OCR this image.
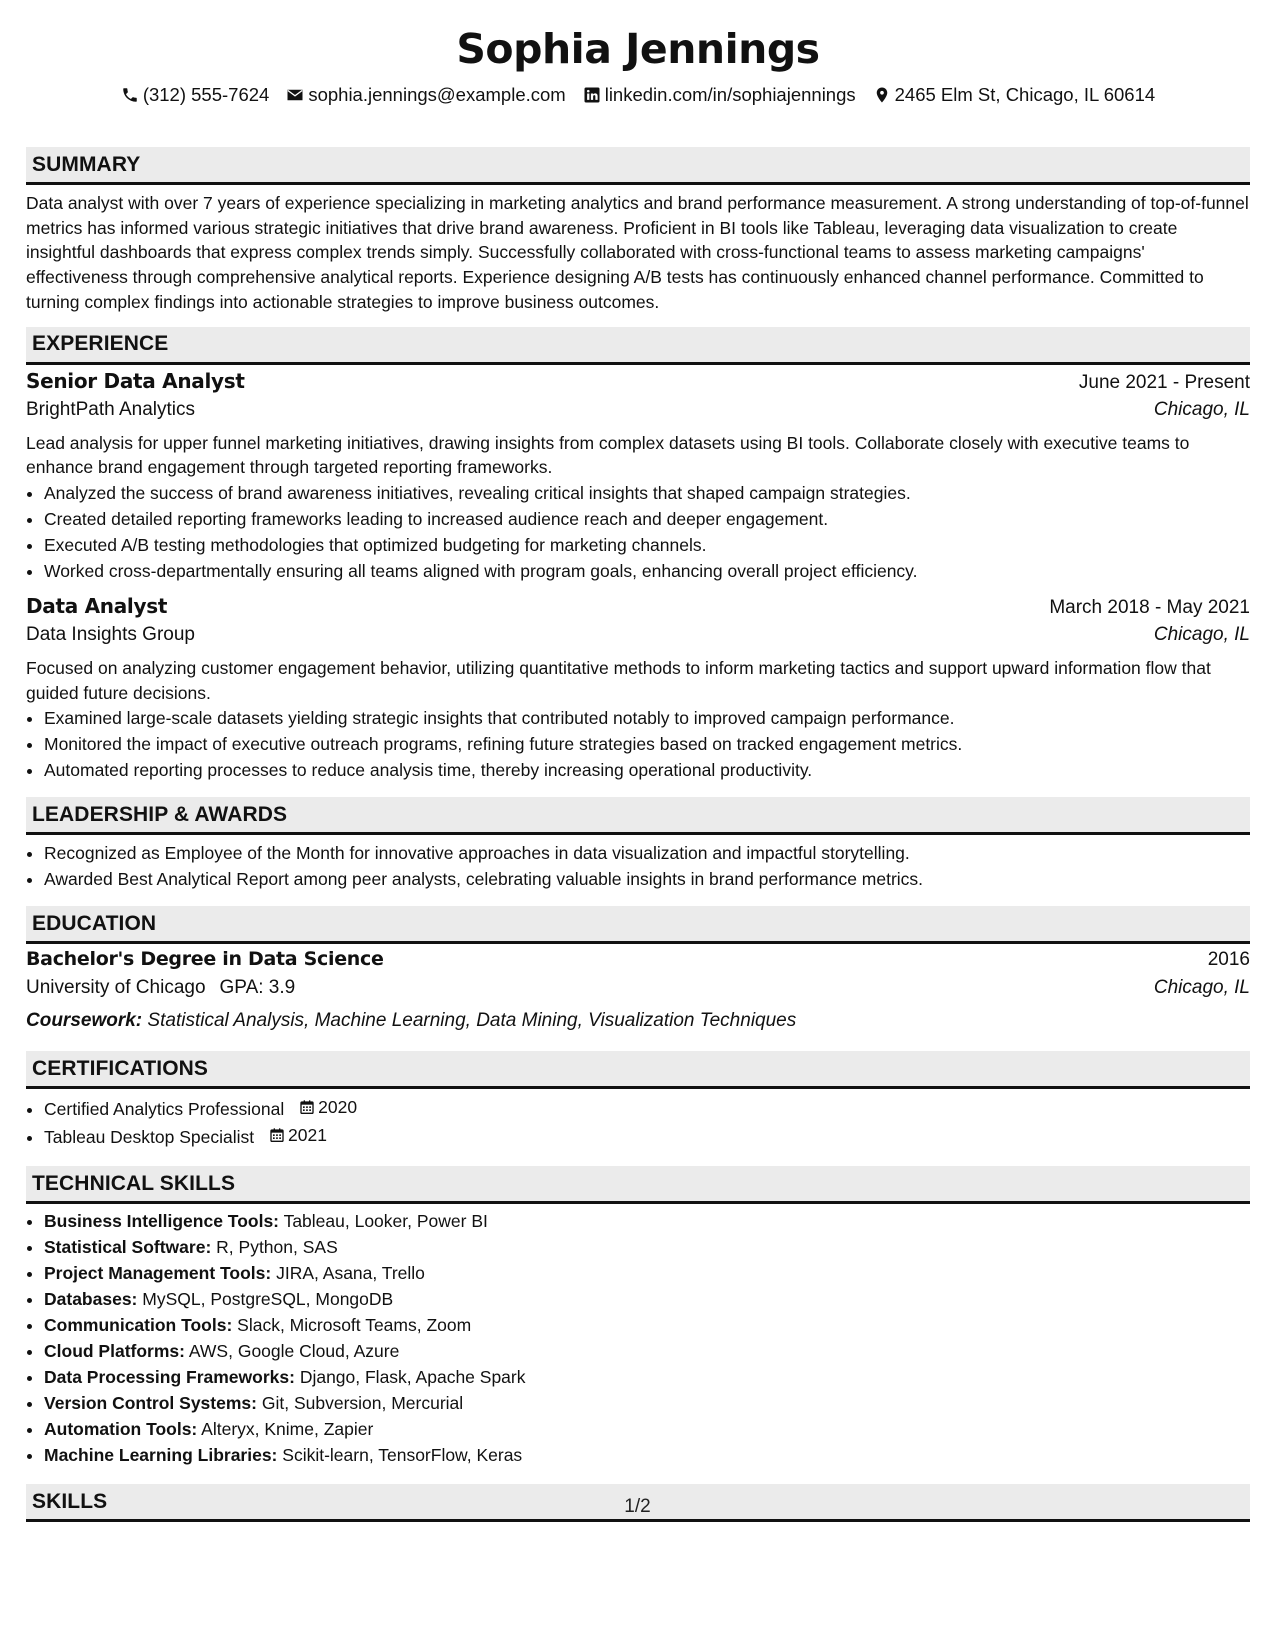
Sophia Jennings
(312) 555-7624 sophia.jennings@example.com linkedin.com/in/sophiajennings 2465 Elm St, Chicago, IL 60614
SUMMARY

Data analyst with over 7 years of experience specializing in marketing analytics and brand performance measurement. A strong understanding of top-of-funnel metrics has informed various strategic initiatives that drive brand awareness. Proficient in BI tools like Tableau, leveraging data visualization to create insightful dashboards that express complex trends simply. Successfully collaborated with cross-functional teams to assess marketing campaigns' effectiveness through comprehensive analytical reports. Experience designing A/B tests has continuously enhanced channel performance. Committed to turning complex findings into actionable strategies to improve business outcomes.

EXPERIENCE
Senior Data Analyst	June 2021 - Present
BrightPath Analytics	Chicago, IL

Lead analysis for upper funnel marketing initiatives, drawing insights from complex datasets using BI tools. Collaborate closely with executive teams to enhance brand engagement through targeted reporting frameworks.

• Analyzed the success of brand awareness initiatives, revealing critical insights that shaped campaign strategies.
• Created detailed reporting frameworks leading to increased audience reach and deeper engagement.
• Executed A/B testing methodologies that optimized budgeting for marketing channels.
• Worked cross-departmentally ensuring all teams aligned with program goals, enhancing overall project efficiency.
Data Analyst	March 2018 - May 2021
Data Insights Group	Chicago, IL

Focused on analyzing customer engagement behavior, utilizing quantitative methods to inform marketing tactics and support upward information flow that guided future decisions.

• Examined large-scale datasets yielding strategic insights that contributed notably to improved campaign performance.
• Monitored the impact of executive outreach programs, refining future strategies based on tracked engagement metrics.
• Automated reporting processes to reduce analysis time, thereby increasing operational productivity.
LEADERSHIP & AWARDS
• Recognized as Employee of the Month for innovative approaches in data visualization and impactful storytelling.
• Awarded Best Analytical Report among peer analysts, celebrating valuable insights in brand performance metrics.
EDUCATION
Bachelor's Degree in Data Science	2016
University of Chicago GPA: 3.9	Chicago, IL
Coursework: Statistical Analysis, Machine Learning, Data Mining, Visualization Techniques
CERTIFICATIONS
• Certified Analytics Professional 2020
• Tableau Desktop Specialist 2021
TECHNICAL SKILLS
• Business Intelligence Tools: Tableau, Looker, Power BI
• Statistical Software: R, Python, SAS
• Project Management Tools: JIRA, Asana, Trello
• Databases: MySQL, PostgreSQL, MongoDB
• Communication Tools: Slack, Microsoft Teams, Zoom
• Cloud Platforms: AWS, Google Cloud, Azure
• Data Processing Frameworks: Django, Flask, Apache Spark
• Version Control Systems: Git, Subversion, Mercurial
• Automation Tools: Alteryx, Knime, Zapier
• Machine Learning Libraries: Scikit-learn, TensorFlow, Keras
SKILLS	1/2
